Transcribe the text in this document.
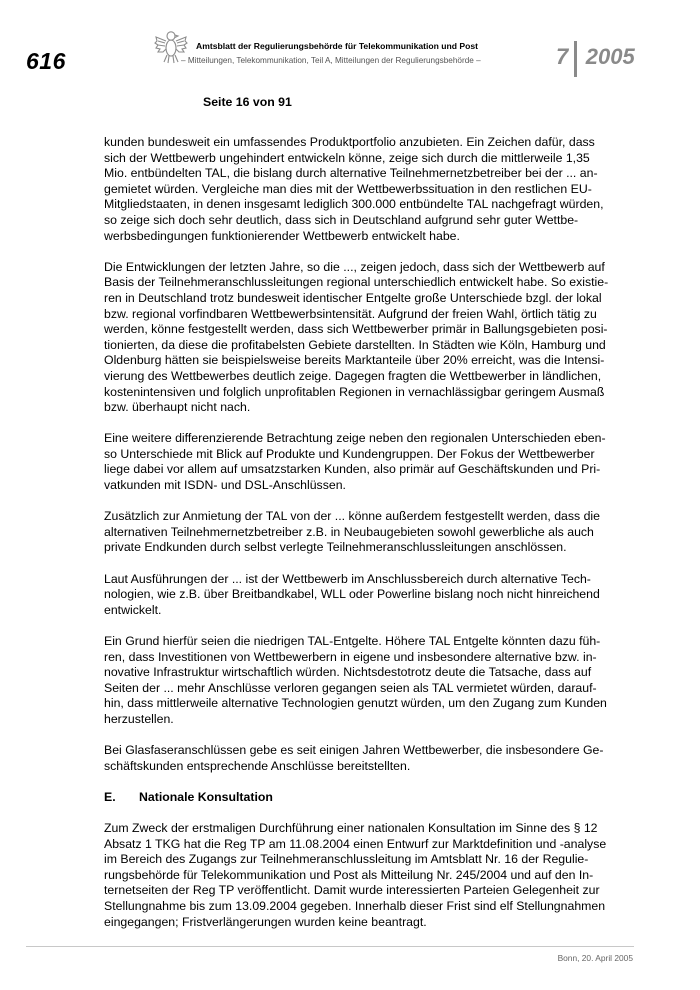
616
Amtsblatt der Regulierungsbehörde für Telekommunikation und Post
– Mitteilungen, Telekommunikation, Teil A, Mitteilungen der Regulierungsbehörde –	7 2005
Seite 16 von 91

kunden bundesweit ein umfassendes Produktportfolio anzubieten. Ein Zeichen dafür, dass
sich der Wettbewerb ungehindert entwickeln könne, zeige sich durch die mittlerweile 1,35
Mio. entbündelten TAL, die bislang durch alternative Teilnehmernetzbetreiber bei der ... an-
gemietet würden. Vergleiche man dies mit der Wettbewerbssituation in den restlichen EU-
Mitgliedstaaten, in denen insgesamt lediglich 300.000 entbündelte TAL nachgefragt würden,
so zeige sich doch sehr deutlich, dass sich in Deutschland aufgrund sehr guter Wettbe-
werbsbedingungen funktionierender Wettbewerb entwickelt habe.

Die Entwicklungen der letzten Jahre, so die ..., zeigen jedoch, dass sich der Wettbewerb auf
Basis der Teilnehmeranschlussleitungen regional unterschiedlich entwickelt habe. So existie-
ren in Deutschland trotz bundesweit identischer Entgelte große Unterschiede bzgl. der lokal
bzw. regional vorfindbaren Wettbewerbsintensität. Aufgrund der freien Wahl, örtlich tätig zu
werden, könne festgestellt werden, dass sich Wettbewerber primär in Ballungsgebieten posi-
tionierten, da diese die profitabelsten Gebiete darstellten. In Städten wie Köln, Hamburg und
Oldenburg hätten sie beispielsweise bereits Marktanteile über 20% erreicht, was die Intensi-
vierung des Wettbewerbes deutlich zeige. Dagegen fragten die Wettbewerber in ländlichen,
kostenintensiven und folglich unprofitablen Regionen in vernachlässigbar geringem Ausmaß
bzw. überhaupt nicht nach.

Eine weitere differenzierende Betrachtung zeige neben den regionalen Unterschieden eben-
so Unterschiede mit Blick auf Produkte und Kundengruppen. Der Fokus der Wettbewerber
liege dabei vor allem auf umsatzstarken Kunden, also primär auf Geschäftskunden und Pri-
vatkunden mit ISDN- und DSL-Anschlüssen.

Zusätzlich zur Anmietung der TAL von der ... könne außerdem festgestellt werden, dass die
alternativen Teilnehmernetzbetreiber z.B. in Neubaugebieten sowohl gewerbliche als auch
private Endkunden durch selbst verlegte Teilnehmeranschlussleitungen anschlössen.

Laut Ausführungen der ... ist der Wettbewerb im Anschlussbereich durch alternative Tech-
nologien, wie z.B. über Breitbandkabel, WLL oder Powerline bislang noch nicht hinreichend
entwickelt.

Ein Grund hierfür seien die niedrigen TAL-Entgelte. Höhere TAL Entgelte könnten dazu füh-
ren, dass Investitionen von Wettbewerbern in eigene und insbesondere alternative bzw. in-
novative Infrastruktur wirtschaftlich würden. Nichtsdestotrotz deute die Tatsache, dass auf
Seiten der ... mehr Anschlüsse verloren gegangen seien als TAL vermietet würden, darauf-
hin, dass mittlerweile alternative Technologien genutzt würden, um den Zugang zum Kunden
herzustellen.

Bei Glasfaseranschlüssen gebe es seit einigen Jahren Wettbewerber, die insbesondere Ge-
schäftskunden entsprechende Anschlüsse bereitstellten.

E.	Nationale Konsultation

Zum Zweck der erstmaligen Durchführung einer nationalen Konsultation im Sinne des § 12
Absatz 1 TKG hat die Reg TP am 11.08.2004 einen Entwurf zur Marktdefinition und -analyse
im Bereich des Zugangs zur Teilnehmeranschlussleitung im Amtsblatt Nr. 16 der Regulie-
rungsbehörde für Telekommunikation und Post als Mitteilung Nr. 245/2004 und auf den In-
ternetseiten der Reg TP veröffentlicht. Damit wurde interessierten Parteien Gelegenheit zur
Stellungnahme bis zum 13.09.2004 gegeben. Innerhalb dieser Frist sind elf Stellungnahmen
eingegangen; Fristverlängerungen wurden keine beantragt.

Bonn, 20. April 2005
